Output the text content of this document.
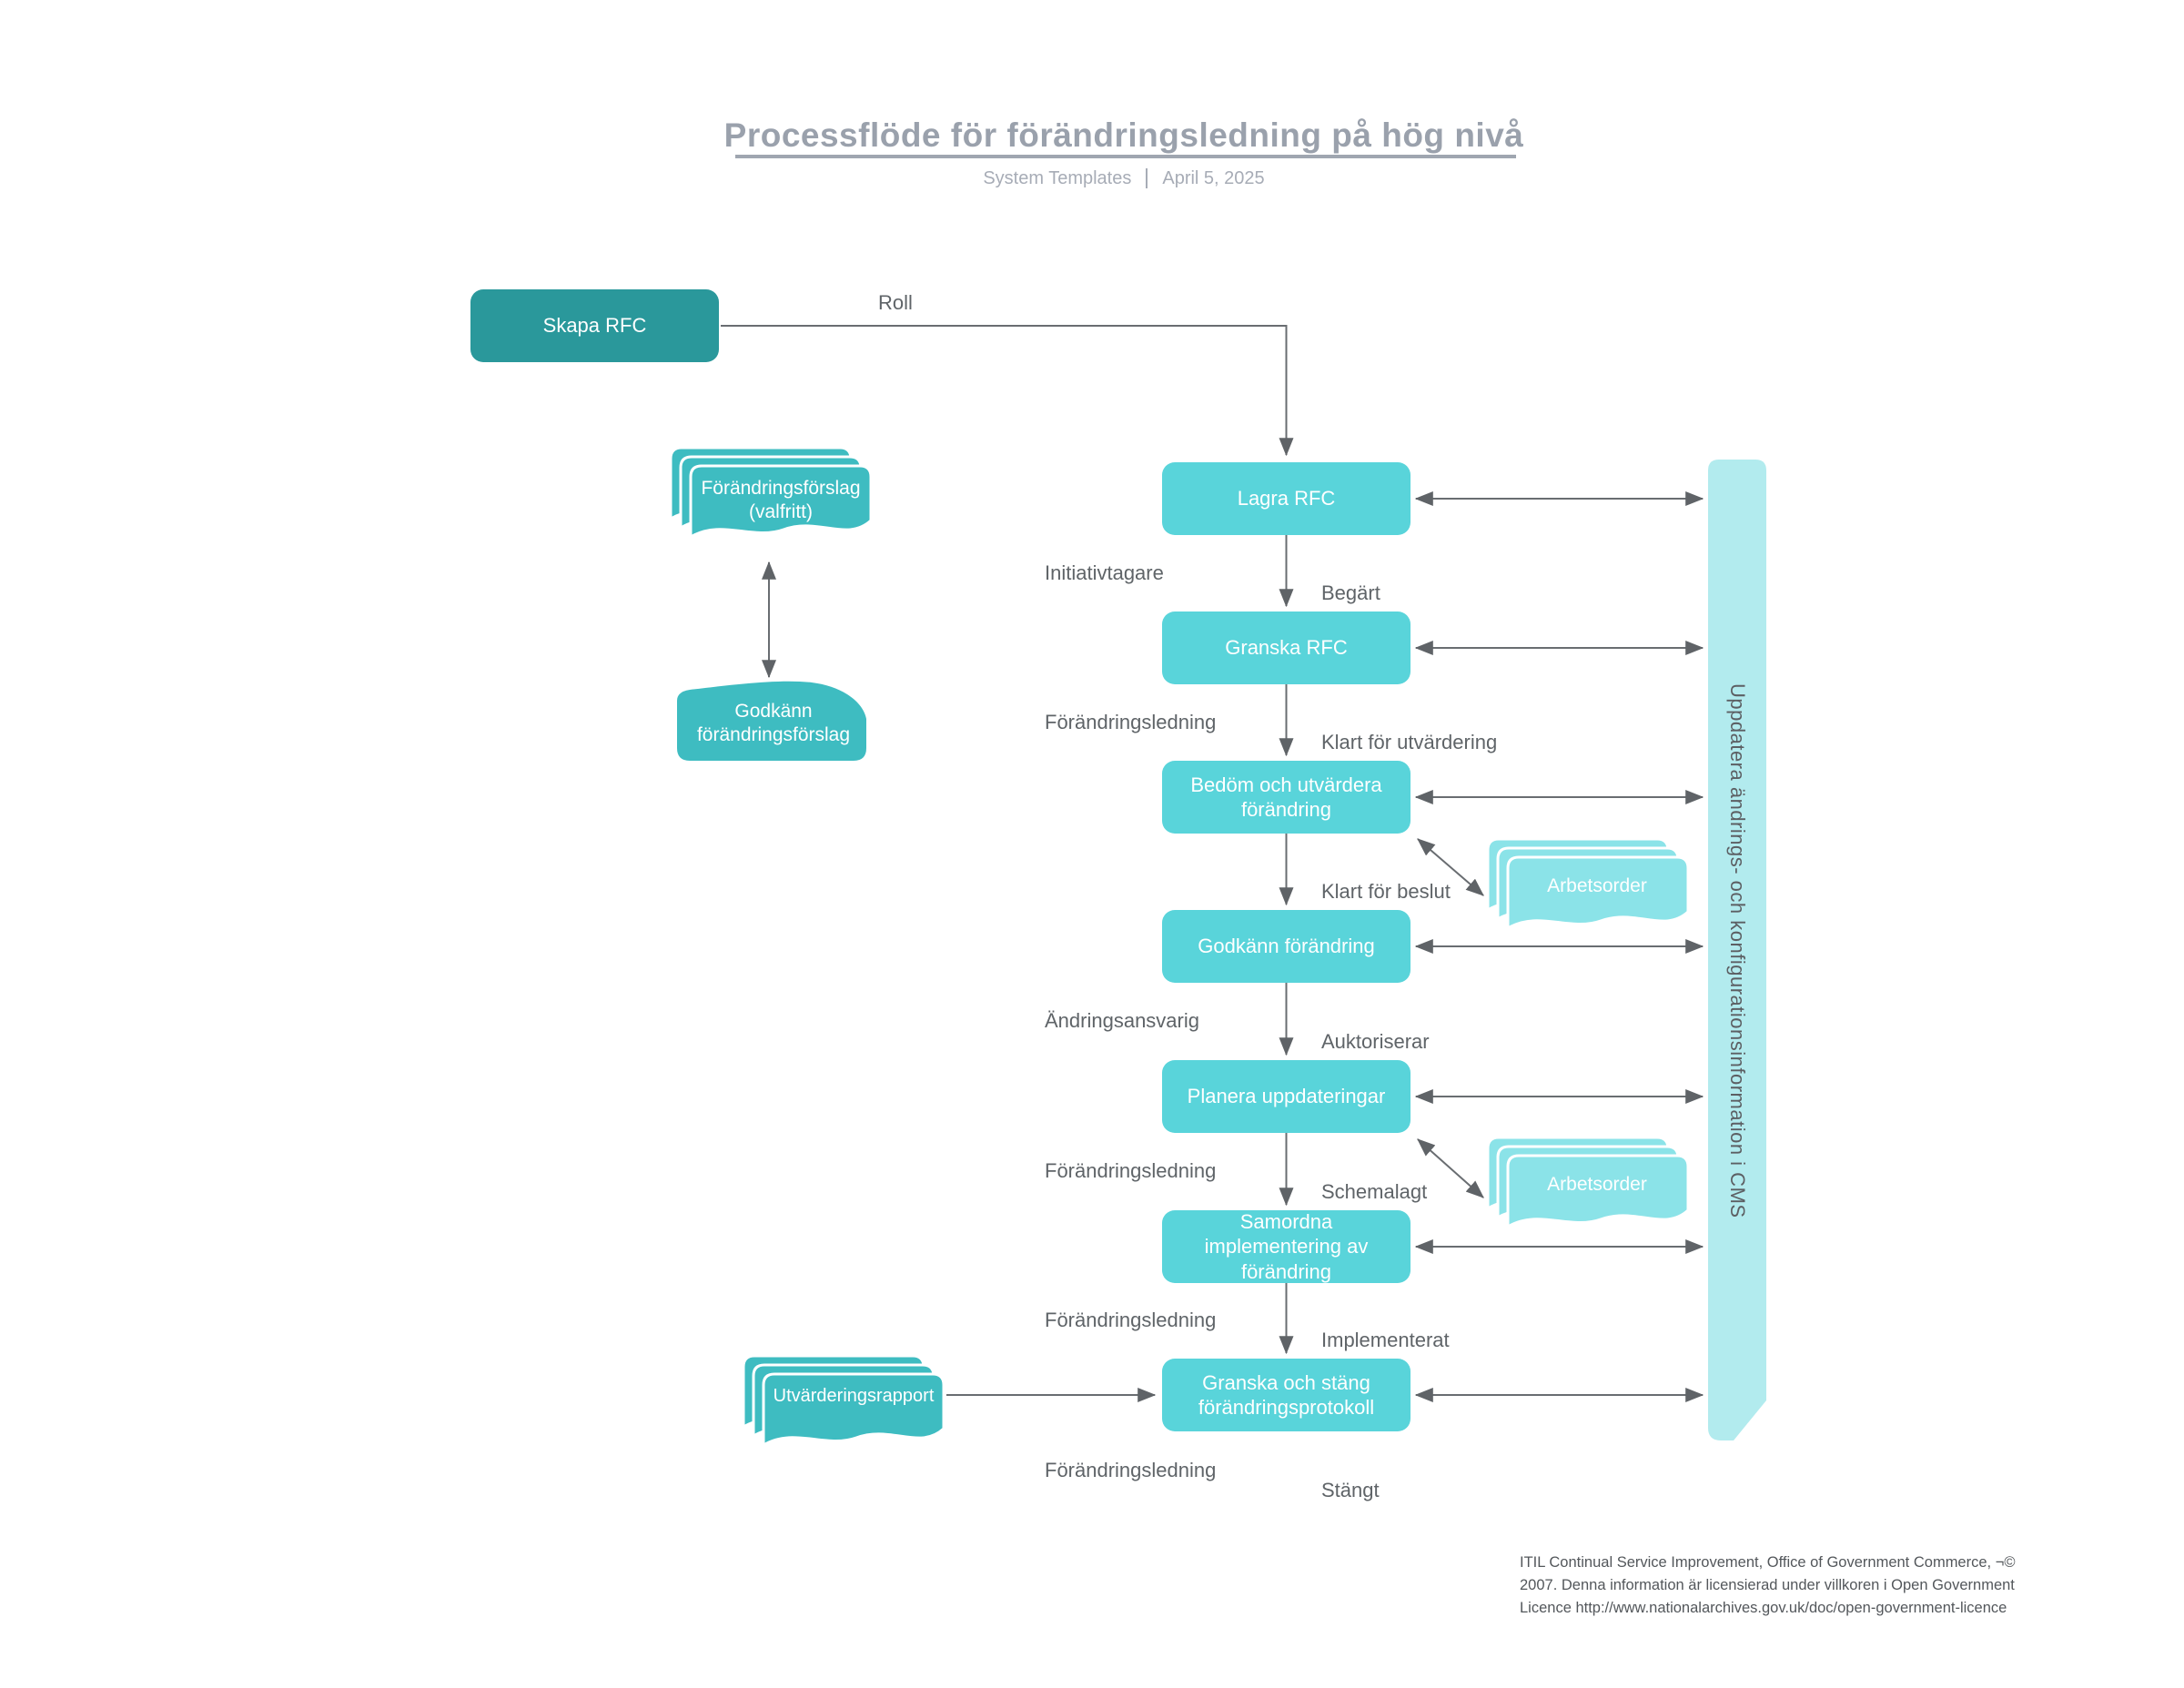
Processflöde för förändringsledning på hög nivå
System Templates April 5, 2025
Förändringsförslag
(valfritt)
Godkänn förändringsförslag
Arbetsorder
Arbetsorder
Utvärderingsrapport
Uppdatera ändrings- och konfigurationsinformation i CMS
Skapa RFC
Lagra RFC
Granska RFC
Bedöm och utvärdera förändring
Godkänn förändring
Planera uppdateringar
Samordna implementering av förändring
Granska och stäng förändringsprotokoll
Roll
Initiativtagare
Begärt
Förändringsledning
Klart för utvärdering
Klart för beslut
Ändringsansvarig
Auktoriserar
Förändringsledning
Schemalagt
Förändringsledning
Implementerat
Förändringsledning
Stängt
ITIL Continual Service Improvement, Office of Government Commerce, ¬©
2007. Denna information är licensierad under villkoren i Open Government
Licence http://www.nationalarchives.gov.uk/doc/open-government-licence
